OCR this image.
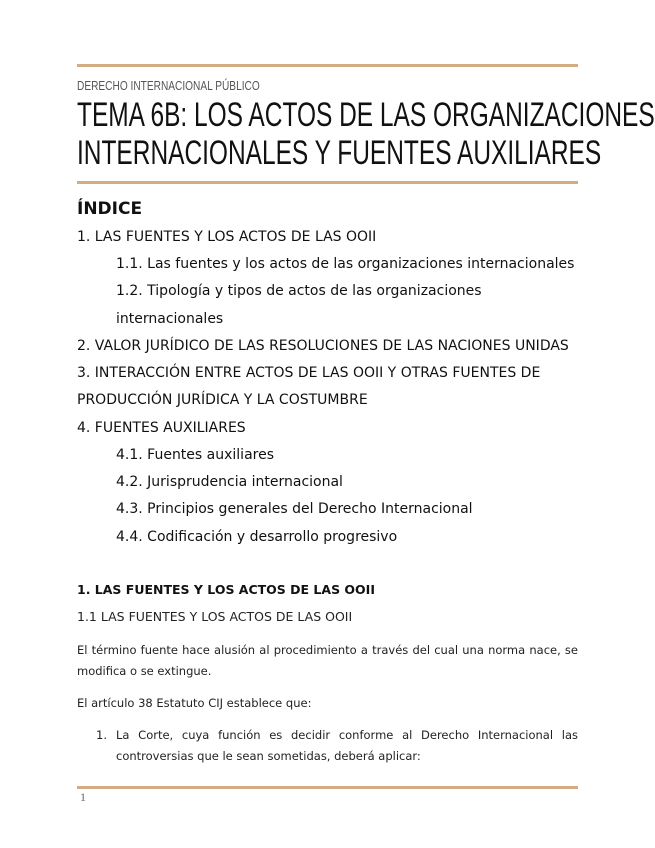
DERECHO INTERNACIONAL PÚBLICO
TEMA 6B: LOS ACTOS DE LAS ORGANIZACIONES
INTERNACIONALES Y FUENTES AUXILIARES
ÍNDICE
1. LAS FUENTES Y LOS ACTOS DE LAS OOII
1.1. Las fuentes y los actos de las organizaciones internacionales
1.2. Tipología y tipos de actos de las organizaciones
internacionales
2. VALOR JURÍDICO DE LAS RESOLUCIONES DE LAS NACIONES UNIDAS
3. INTERACCIÓN ENTRE ACTOS DE LAS OOII Y OTRAS FUENTES DE
PRODUCCIÓN JURÍDICA Y LA COSTUMBRE
4. FUENTES AUXILIARES
4.1. Fuentes auxiliares
4.2. Jurisprudencia internacional
4.3. Principios generales del Derecho Internacional
4.4. Codificación y desarrollo progresivo
1. LAS FUENTES Y LOS ACTOS DE LAS OOII
1.1 LAS FUENTES Y LOS ACTOS DE LAS OOII
El término fuente hace alusión al procedimiento a través del cual una norma nace, se modifica o se extingue.
El artículo 38 Estatuto CIJ establece que:
1. La Corte, cuya función es decidir conforme al Derecho Internacional las controversias que le sean sometidas, deberá aplicar:
1
